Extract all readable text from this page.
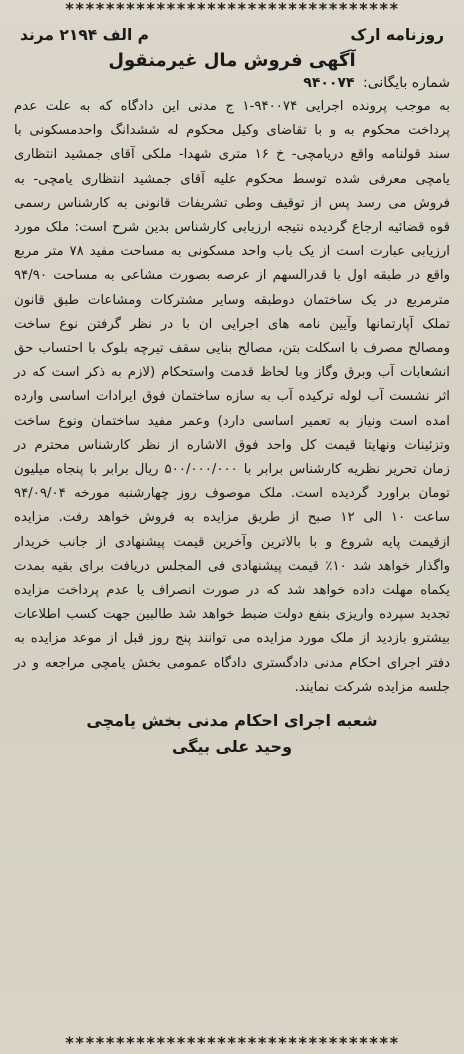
*********************************
روزنامه ارک
م الف ۲۱۹۴ مرند
آگهی فروش مال غیرمنقول
شماره بایگانی: ۹۴۰۰۷۴
به موجب پرونده اجرایی ۹۴۰۰۷۴-۱ ج مدنی این دادگاه که به علت عدم پرداخت محکوم به و با تقاضای وکیل محکوم له ششدانگ واحدمسکونی با سند قولنامه واقع دریامچی- خ ۱۶ متری شهدا- ملکی آقای جمشید انتظاری یامچی معرفی شده توسط محکوم علیه آقای جمشید انتظاری یامچی- به فروش می رسد پس از توقیف وطی تشریفات قانونی به کارشناس رسمی قوه قضائیه ارجاع گردیده نتیجه ارزیابی کارشناس بدین شرح است: ملک مورد ارزیابی عبارت است از یک باب واحد مسکونی به مساحت مفید ۷۸ متر مربع واقع در طبقه اول با قدرالسهم از عرصه بصورت مشاعی به مساحت ۹۴/۹۰ مترمربع در یک ساختمان دوطبقه وسایر مشترکات ومشاعات طبق قانون تملک آپارتمانها وآیین نامه های اجرایی ان با در نظر گرفتن نوع ساخت ومصالح مصرف با اسکلت بتن، مصالح بنایی سقف تیرچه بلوک با احتساب حق انشعابات آب وبرق وگاز وبا لحاظ قدمت واستحکام (لازم به ذکر است که در اثر نشست آب لوله ترکیده آب به سازه ساختمان فوق ایرادات اساسی وارده امده است ونیاز به تعمیر اساسی دارد) وعمر مفید ساختمان ونوع ساخت وتزئینات ونهایتا قیمت کل واحد فوق الاشاره از نظر کارشناس محترم در زمان تحریر نظریه کارشناس برابر با ۵۰۰/۰۰۰/۰۰۰ ریال برابر با پنجاه میلیون تومان براورد گردیده است. ملک موصوف روز چهارشنبه مورخه ۹۴/۰۹/۰۴ ساعت ۱۰ الی ۱۲ صبح از طریق مزایده به فروش خواهد رفت. مزایده ازقیمت پایه شروع و با بالاترین وآخرین قیمت پیشنهادی از جانب خریدار واگذار خواهد شد ۱۰٪ قیمت پیشنهادی فی المجلس دریافت برای بقیه بمدت یکماه مهلت داده خواهد شد که در صورت انصراف یا عدم پرداخت مزایده تجدید سپرده واریزی بنفع دولت ضبط خواهد شد طالبین جهت کسب اطلاعات بیشترو بازدید از ملک مورد مزایده می توانند پنج روز قبل از موعد مزایده به دفتر اجرای احکام مدنی دادگستری دادگاه عمومی بخش یامچی مراجعه و در جلسه مزایده شرکت نمایند.
شعبه اجرای احکام مدنی بخش یامچی
وحید علی بیگی
*********************************
